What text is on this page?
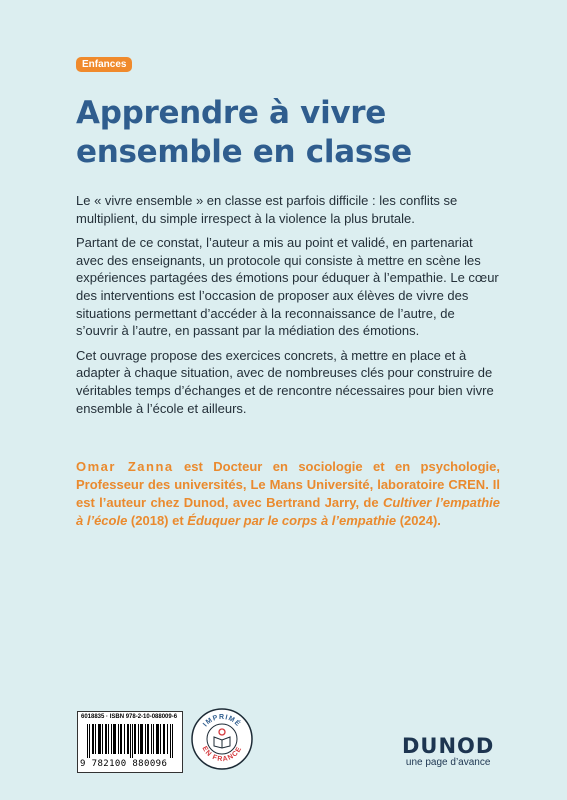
Enfances
Apprendre à vivre ensemble en classe

Le « vivre ensemble » en classe est parfois difficile : les conflits se multiplient, du simple irrespect à la violence la plus brutale.

Partant de ce constat, l’auteur a mis au point et validé, en partenariat avec des enseignants, un protocole qui consiste à mettre en scène les expériences partagées des émotions pour éduquer à l’empathie. Le cœur des interventions est l’occasion de proposer aux élèves de vivre des situations permettant d’accéder à la reconnaissance de l’autre, de s’ouvrir à l’autre, en passant par la médiation des émotions.

Cet ouvrage propose des exercices concrets, à mettre en place et à adapter à chaque situation, avec de nombreuses clés pour construire de véritables temps d’échanges et de rencontre nécessaires pour bien vivre ensemble à l’école et ailleurs.

Omar Zanna est Docteur en sociologie et en psychologie, Professeur des universités, Le Mans Université, laboratoire CREN. Il est l’auteur chez Dunod, avec Bertrand Jarry, de Cultiver l’empathie à l’école (2018) et Éduquer par le corps à l’empathie (2024).
6018835 · ISBN 978-2-10-088009-6
9 782100 880096
IMPRIMÉ
EN FRANCE	DUNOD
une page d’avance
